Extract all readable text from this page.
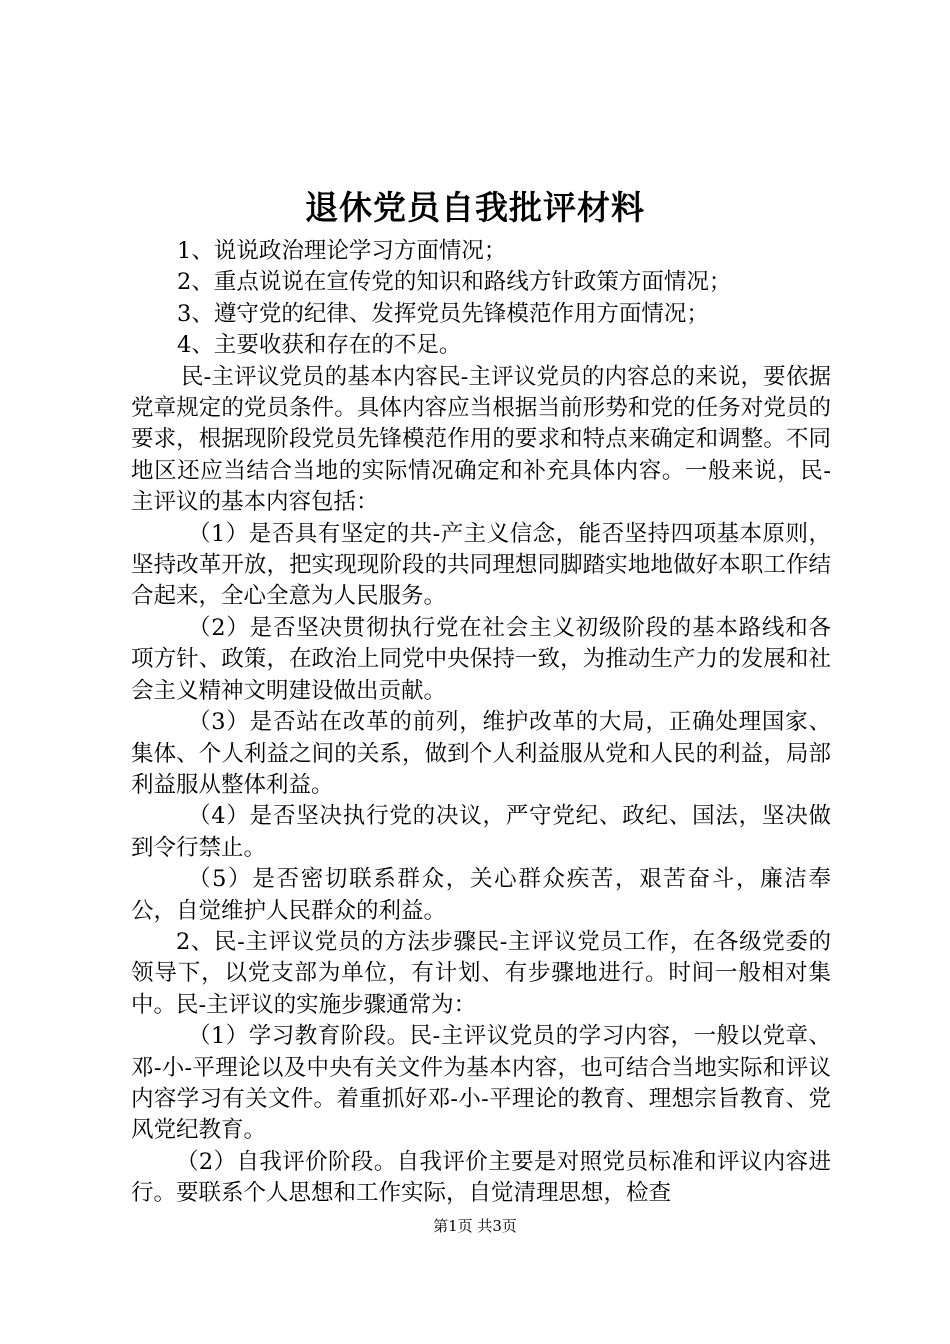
退休党员自我批评材料

1、说说政治理论学习方面情况；

2、重点说说在宣传党的知识和路线方针政策方面情况；

3、遵守党的纪律、发挥党员先锋模范作用方面情况；

4、主要收获和存在的不足。

民-主评议党员的基本内容民-主评议党员的内容总的来说，要依据党章规定的党员条件。具体内容应当根据当前形势和党的任务对党员的要求，根据现阶段党员先锋模范作用的要求和特点来确定和调整。不同地区还应当结合当地的实际情况确定和补充具体内容。一般来说，民-主评议的基本内容包括：

（1）是否具有坚定的共-产主义信念，能否坚持四项基本原则，坚持改革开放，把实现现阶段的共同理想同脚踏实地地做好本职工作结合起来，全心全意为人民服务。

（2）是否坚决贯彻执行党在社会主义初级阶段的基本路线和各项方针、政策，在政治上同党中央保持一致，为推动生产力的发展和社会主义精神文明建设做出贡献。

（3）是否站在改革的前列，维护改革的大局，正确处理国家、集体、个人利益之间的关系，做到个人利益服从党和人民的利益，局部利益服从整体利益。

（4）是否坚决执行党的决议，严守党纪、政纪、国法，坚决做到令行禁止。

（5）是否密切联系群众，关心群众疾苦，艰苦奋斗，廉洁奉公，自觉维护人民群众的利益。

2、民-主评议党员的方法步骤民-主评议党员工作，在各级党委的领导下，以党支部为单位，有计划、有步骤地进行。时间一般相对集中。民-主评议的实施步骤通常为：

（1）学习教育阶段。民-主评议党员的学习内容，一般以党章、邓-小-平理论以及中央有关文件为基本内容，也可结合当地实际和评议内容学习有关文件。着重抓好邓-小-平理论的教育、理想宗旨教育、党风党纪教育。

（2）自我评价阶段。自我评价主要是对照党员标准和评议内容进行。要联系个人思想和工作实际，自觉清理思想，检查

第1页 共3页
